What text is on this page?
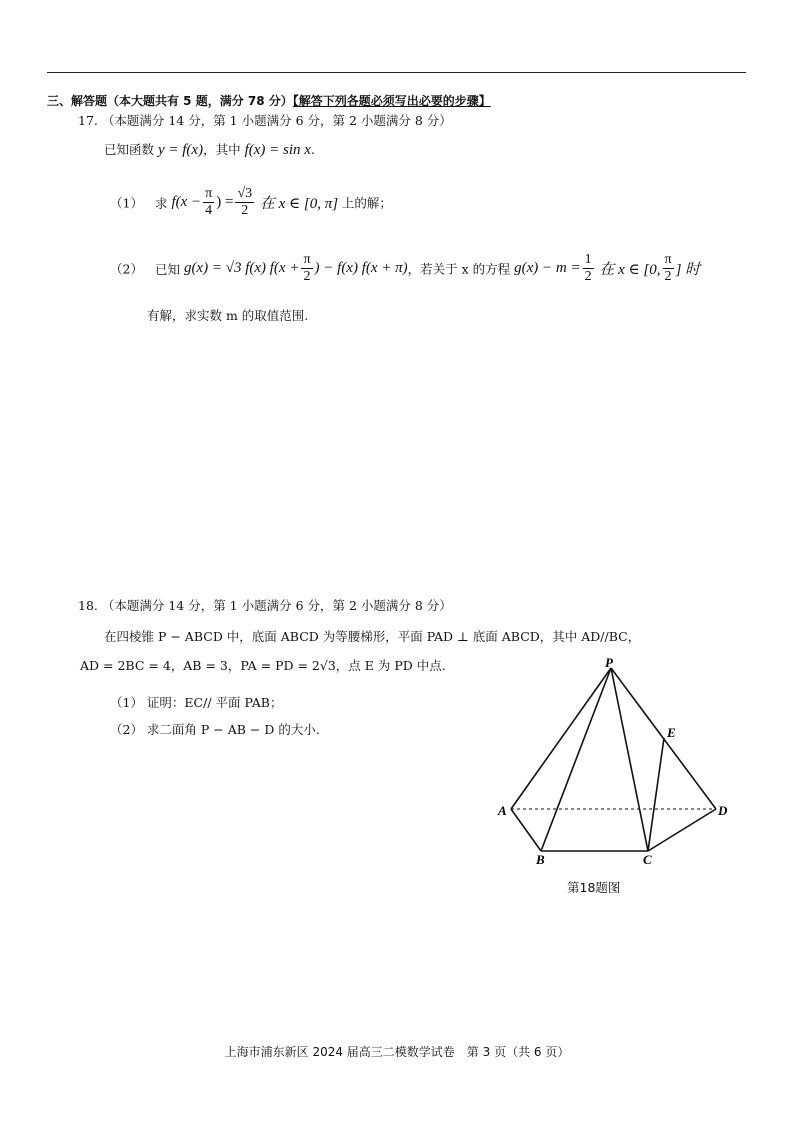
三、解答题（本大题共有 5 题，满分 78 分）【解答下列各题必须写出必要的步骤】
17. （本题满分 14 分，第 1 小题满分 6 分，第 2 小题满分 8 分）
已知函数 y = f(x)，其中 f(x) = sin x.
（1） 求 $f(x - \frac{\pi}{4}$ ) = $\frac{√3}{2}$ 在 x ∈ [0, π] 上的解；
（2） 已知 g(x) = √3 f(x) $f(x + \frac{\pi}{2}$ ) − f(x) f(x + π)，若关于 x 的方程 $g(x) - m = \frac{1}{2}$ 在 x ∈ [0, $\frac{\pi}{2}$ ] 时
有解，求实数 m 的取值范围.
18. （本题满分 14 分，第 1 小题满分 6 分，第 2 小题满分 8 分）
在四棱锥 P − ABCD 中，底面 ABCD 为等腰梯形，平面 PAD ⊥ 底面 ABCD，其中 AD//BC，
AD = 2BC = 4，AB = 3，PA = PD = 2√3，点 E 为 PD 中点.
（1） 证明：EC// 平面 PAB；
（2） 求二面角 P − AB − D 的大小.
P
E
A	D
B	C
第18题图
上海市浦东新区 2024 届高三二模数学试卷　第 3 页（共 6 页）
